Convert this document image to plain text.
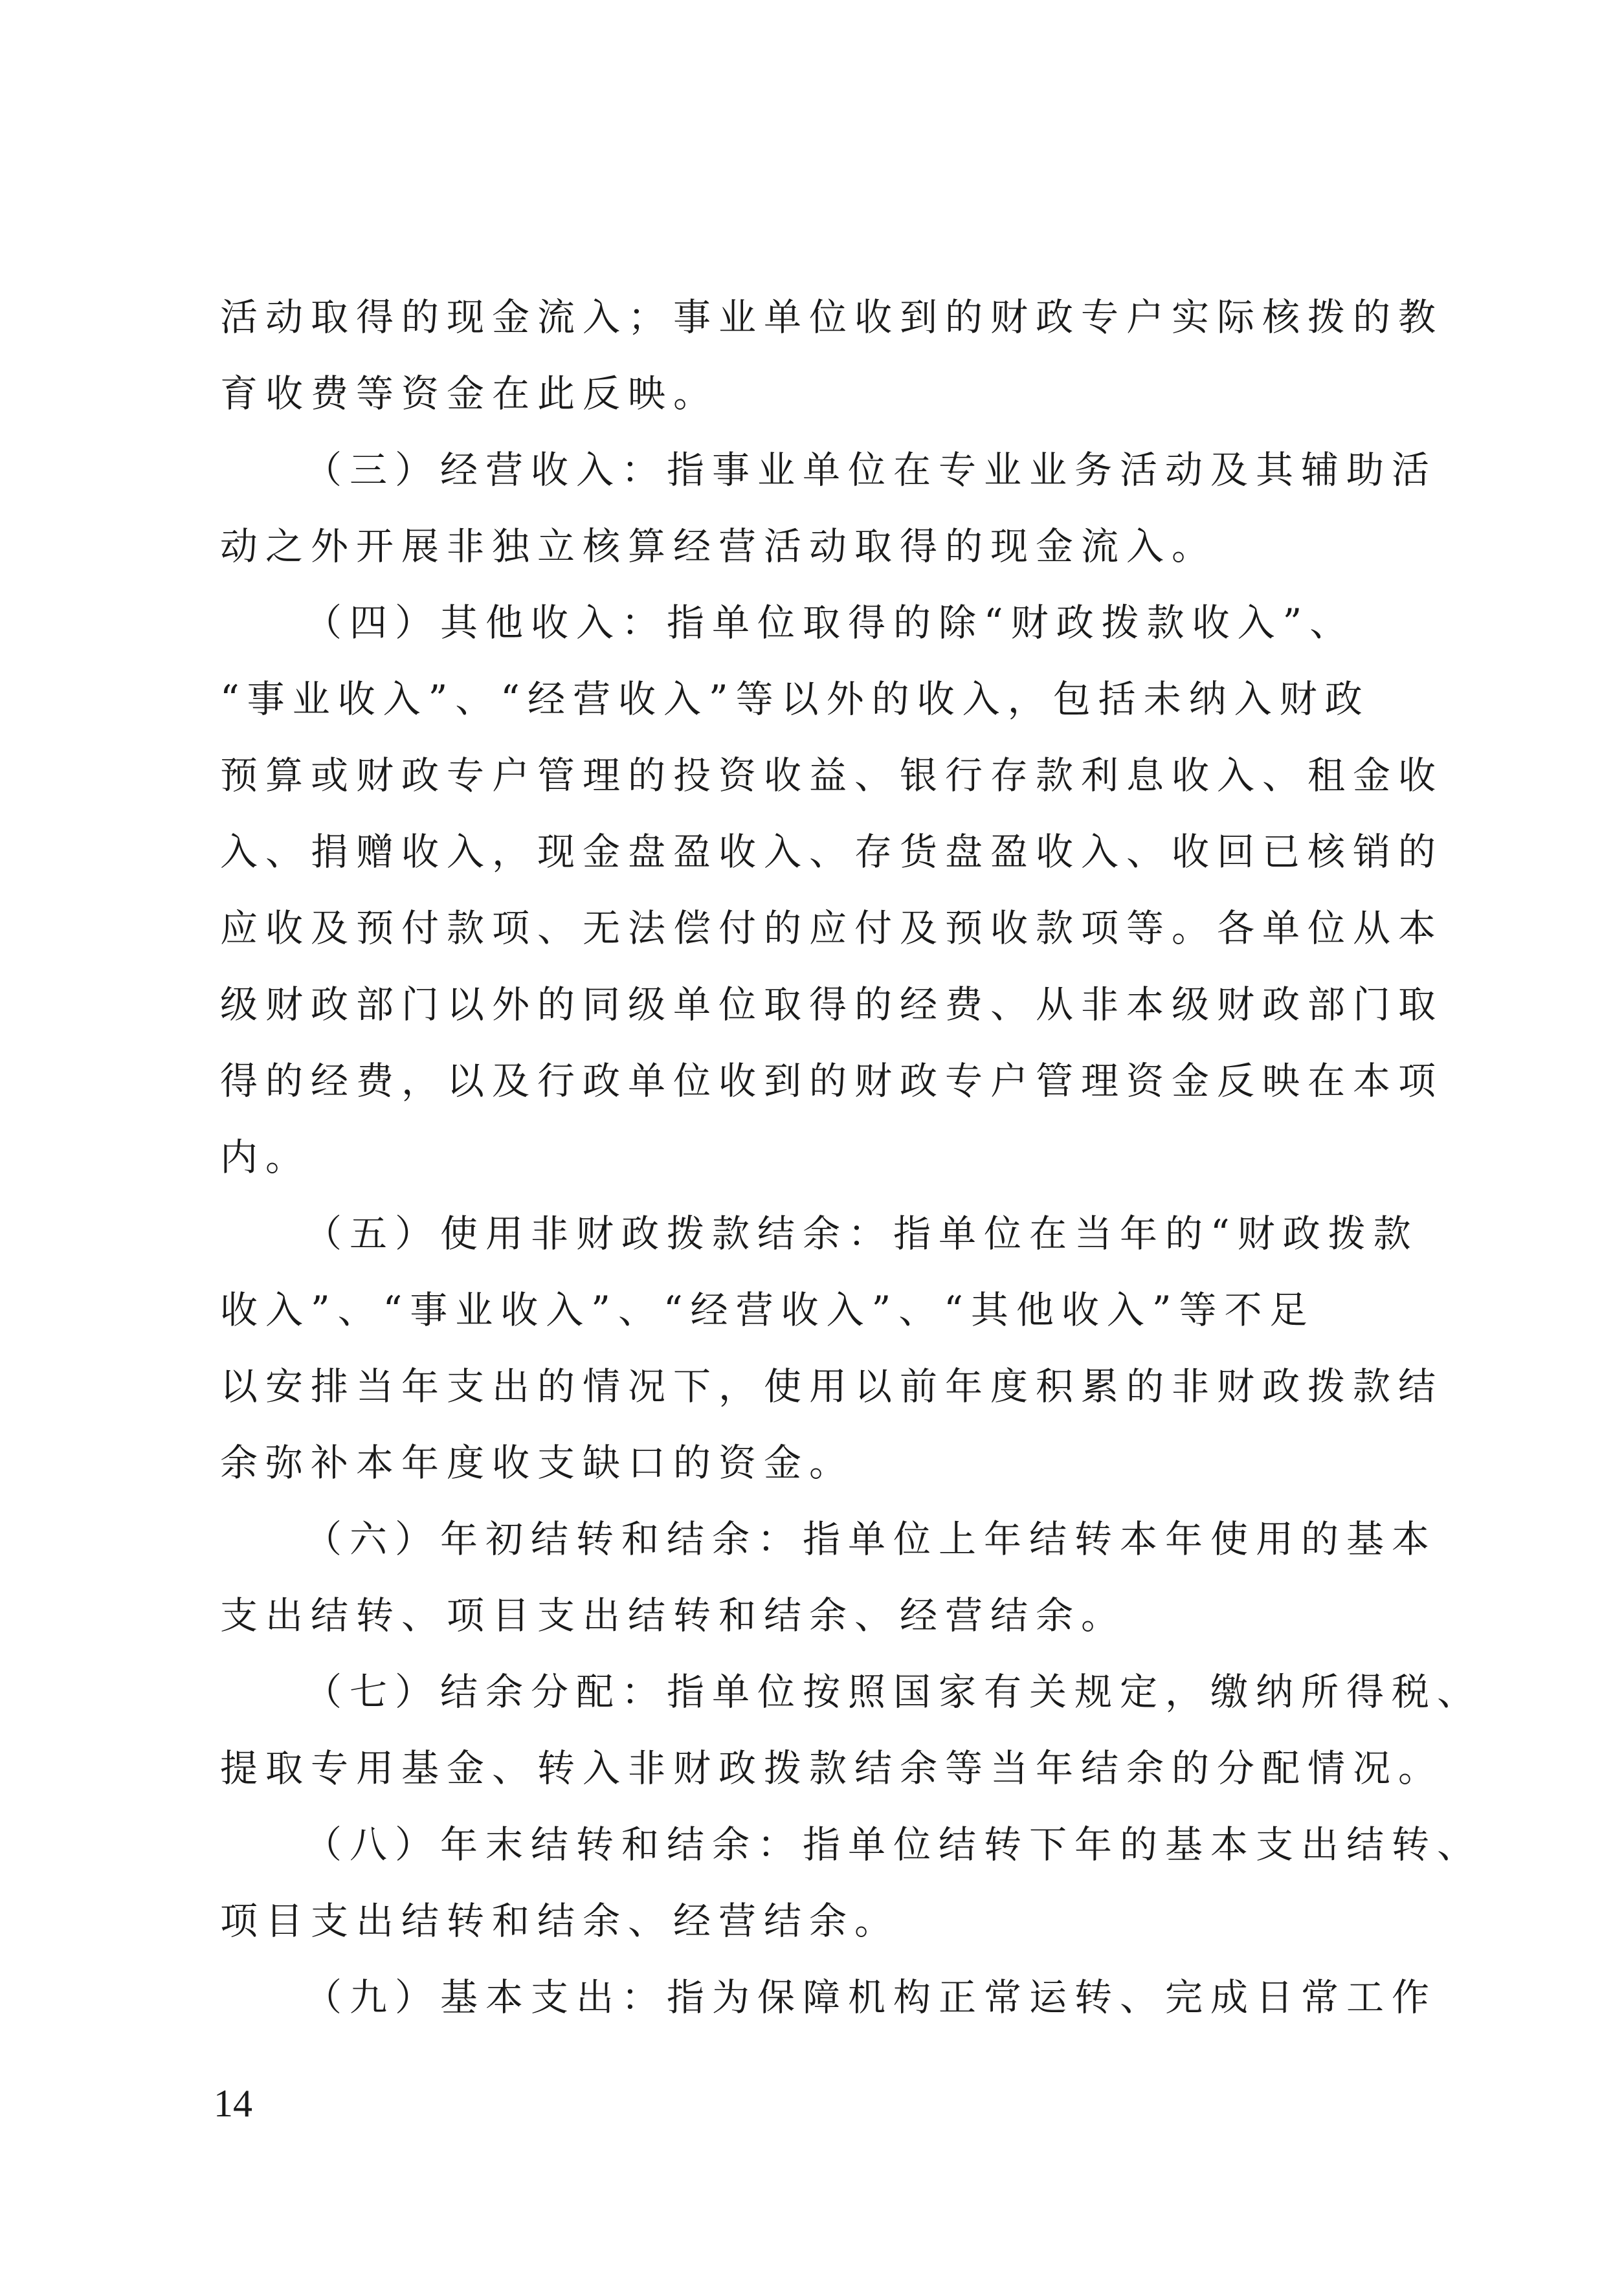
活动取得的现金流入；事业单位收到的财政专户实际核拨的教
育收费等资金在此反映。
（三）经营收入：指事业单位在专业业务活动及其辅助活
动之外开展非独立核算经营活动取得的现金流入。
（四）其他收入：指单位取得的除“财政拨款收入”、
“事业收入”、“经营收入”等以外的收入，包括未纳入财政
预算或财政专户管理的投资收益、银行存款利息收入、租金收
入、捐赠收入，现金盘盈收入、存货盘盈收入、收回已核销的
应收及预付款项、无法偿付的应付及预收款项等。各单位从本
级财政部门以外的同级单位取得的经费、从非本级财政部门取
得的经费，以及行政单位收到的财政专户管理资金反映在本项
内。
（五）使用非财政拨款结余：指单位在当年的“财政拨款
收入”、“事业收入”、“经营收入”、“其他收入”等不足
以安排当年支出的情况下，使用以前年度积累的非财政拨款结
余弥补本年度收支缺口的资金。
（六）年初结转和结余：指单位上年结转本年使用的基本
支出结转、项目支出结转和结余、经营结余。
（七）结余分配：指单位按照国家有关规定，缴纳所得税、
提取专用基金、转入非财政拨款结余等当年结余的分配情况。
（八）年末结转和结余：指单位结转下年的基本支出结转、
项目支出结转和结余、经营结余。
（九）基本支出：指为保障机构正常运转、完成日常工作
14
